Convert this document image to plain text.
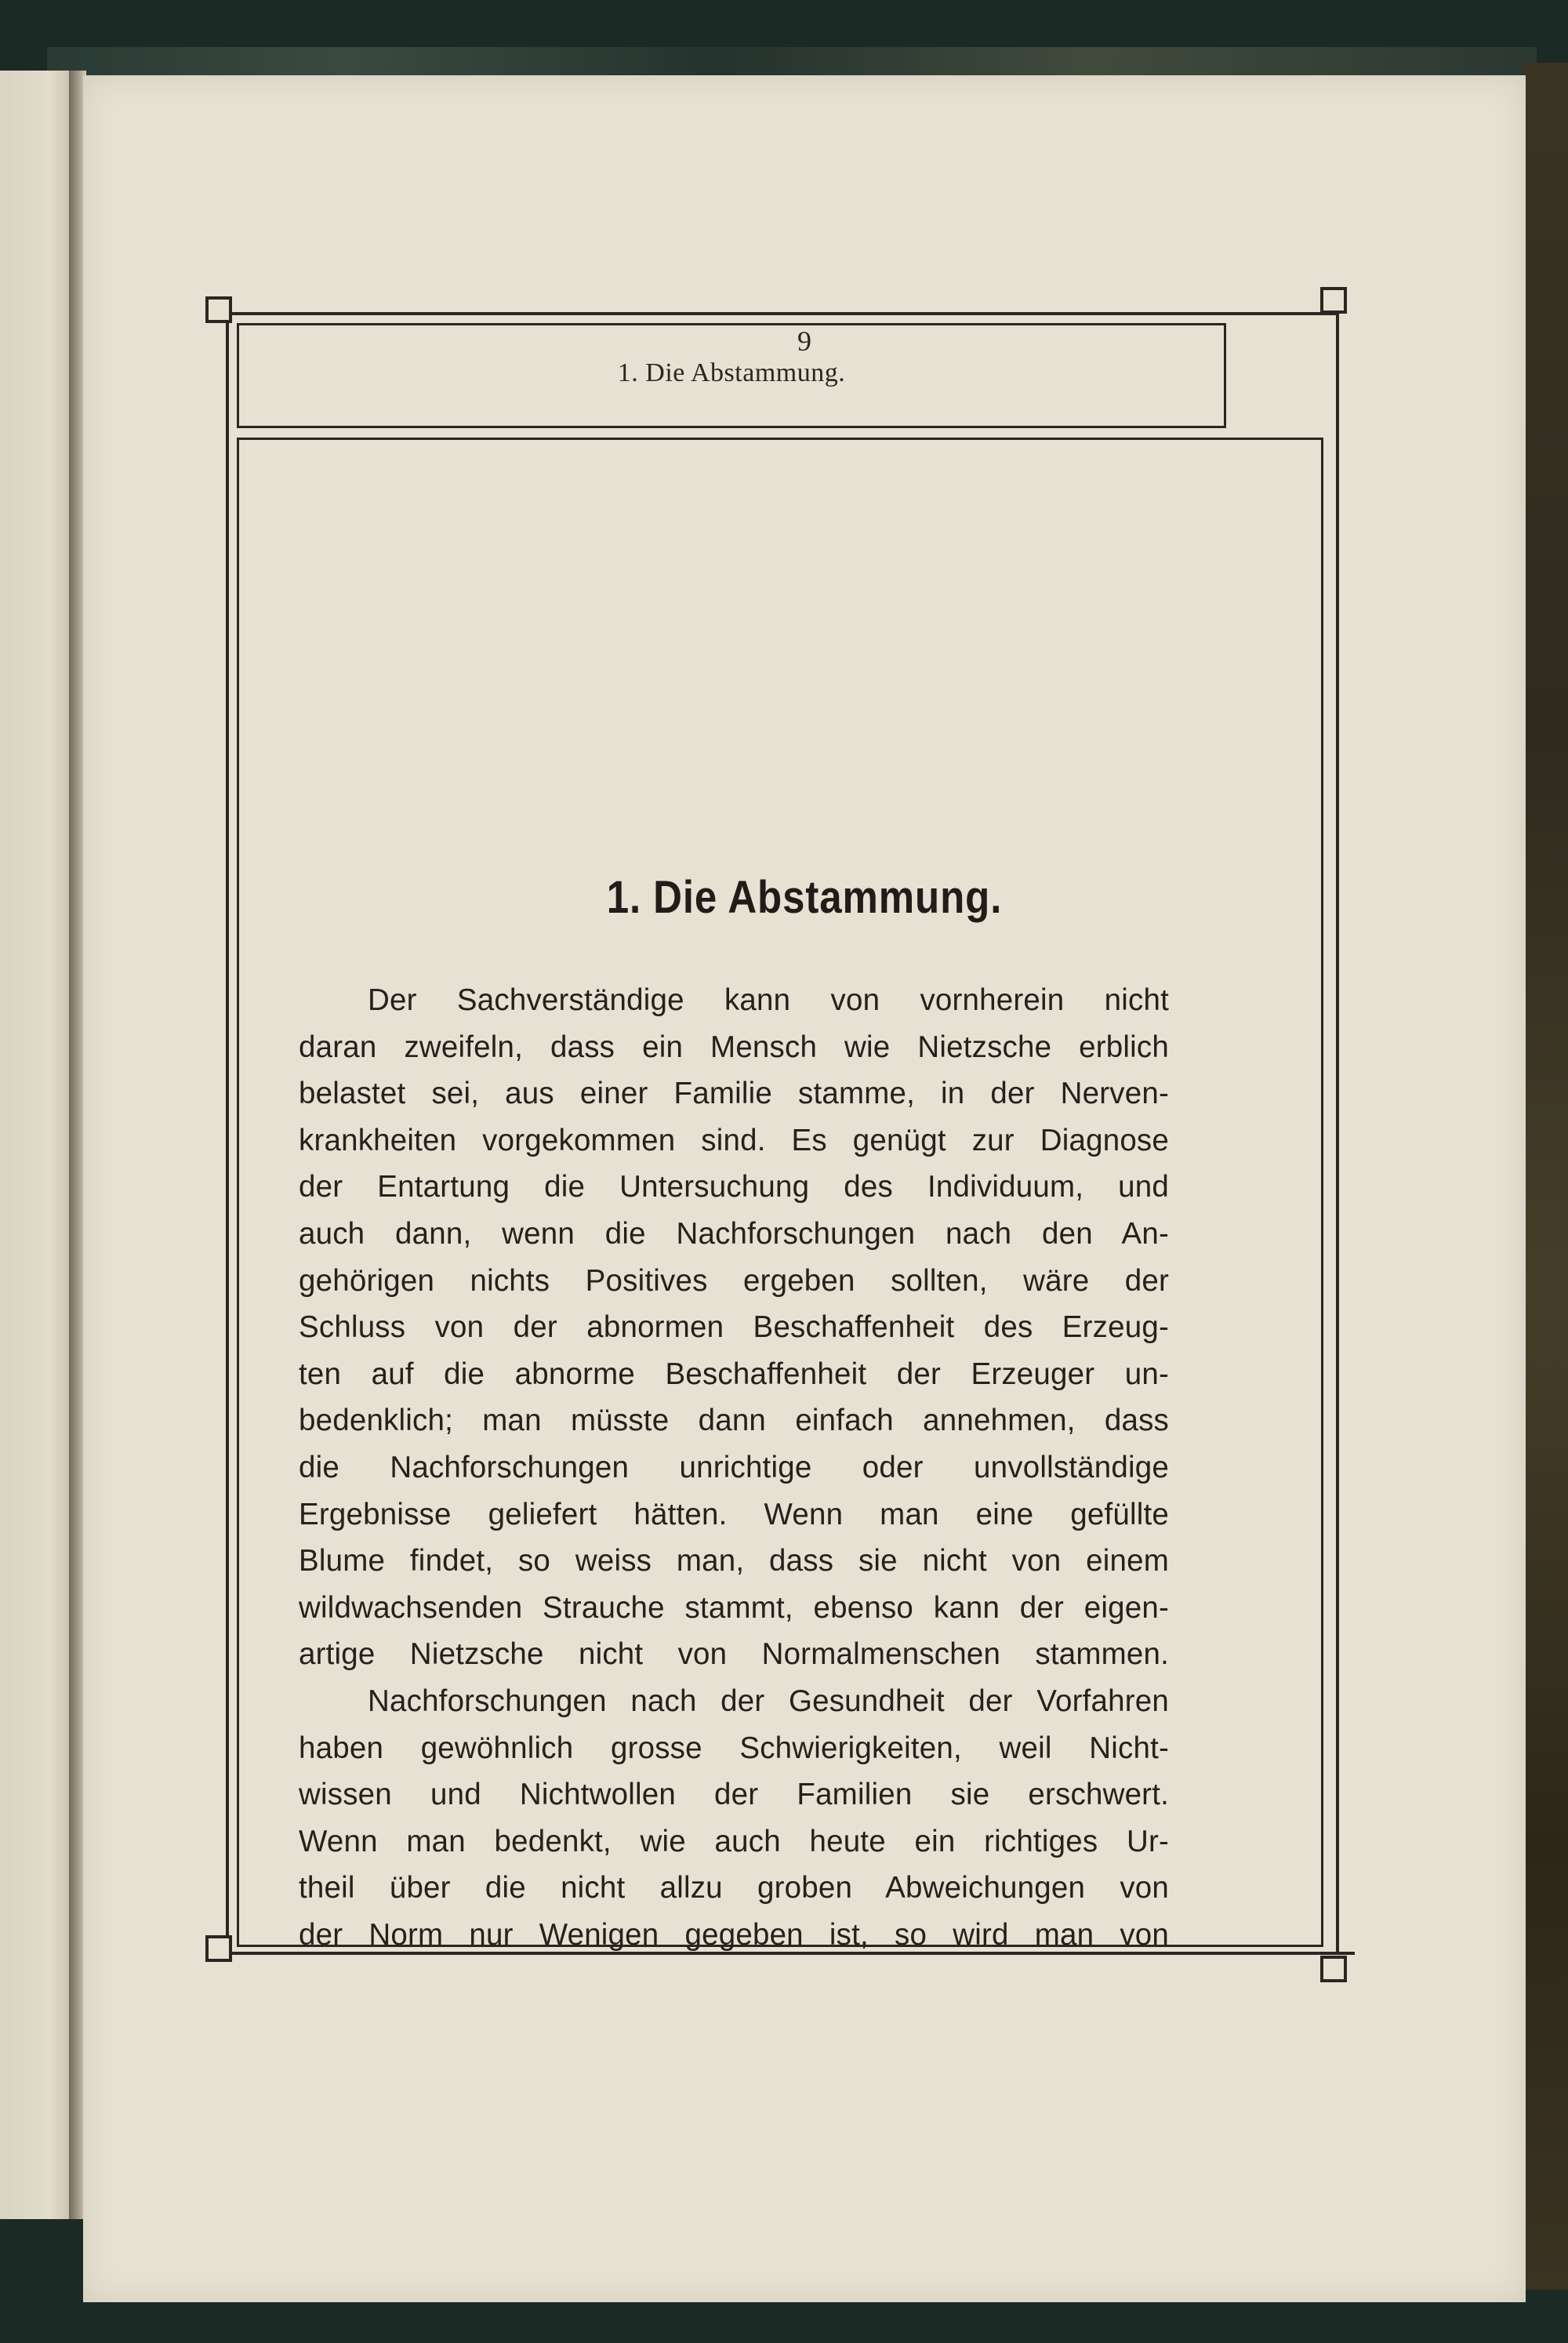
9
1. Die Abstammung.
1. Die Abstammung.
Der Sachverständige kann von vornherein nicht
daran zweifeln, dass ein Mensch wie Nietzsche erblich
belastet sei, aus einer Familie stamme, in der Nerven-
krankheiten vorgekommen sind. Es genügt zur Diagnose
der Entartung die Untersuchung des Individuum, und
auch dann, wenn die Nachforschungen nach den An-
gehörigen nichts Positives ergeben sollten, wäre der
Schluss von der abnormen Beschaffenheit des Erzeug-
ten auf die abnorme Beschaffenheit der Erzeuger un-
bedenklich; man müsste dann einfach annehmen, dass
die Nachforschungen unrichtige oder unvollständige
Ergebnisse geliefert hätten. Wenn man eine gefüllte
Blume findet, so weiss man, dass sie nicht von einem
wildwachsenden Strauche stammt, ebenso kann der eigen-
artige Nietzsche nicht von Normalmenschen stammen.
Nachforschungen nach der Gesundheit der Vorfahren
haben gewöhnlich grosse Schwierigkeiten, weil Nicht-
wissen und Nichtwollen der Familien sie erschwert.
Wenn man bedenkt, wie auch heute ein richtiges Ur-
theil über die nicht allzu groben Abweichungen von
der Norm nur Wenigen gegeben ist, so wird man von
